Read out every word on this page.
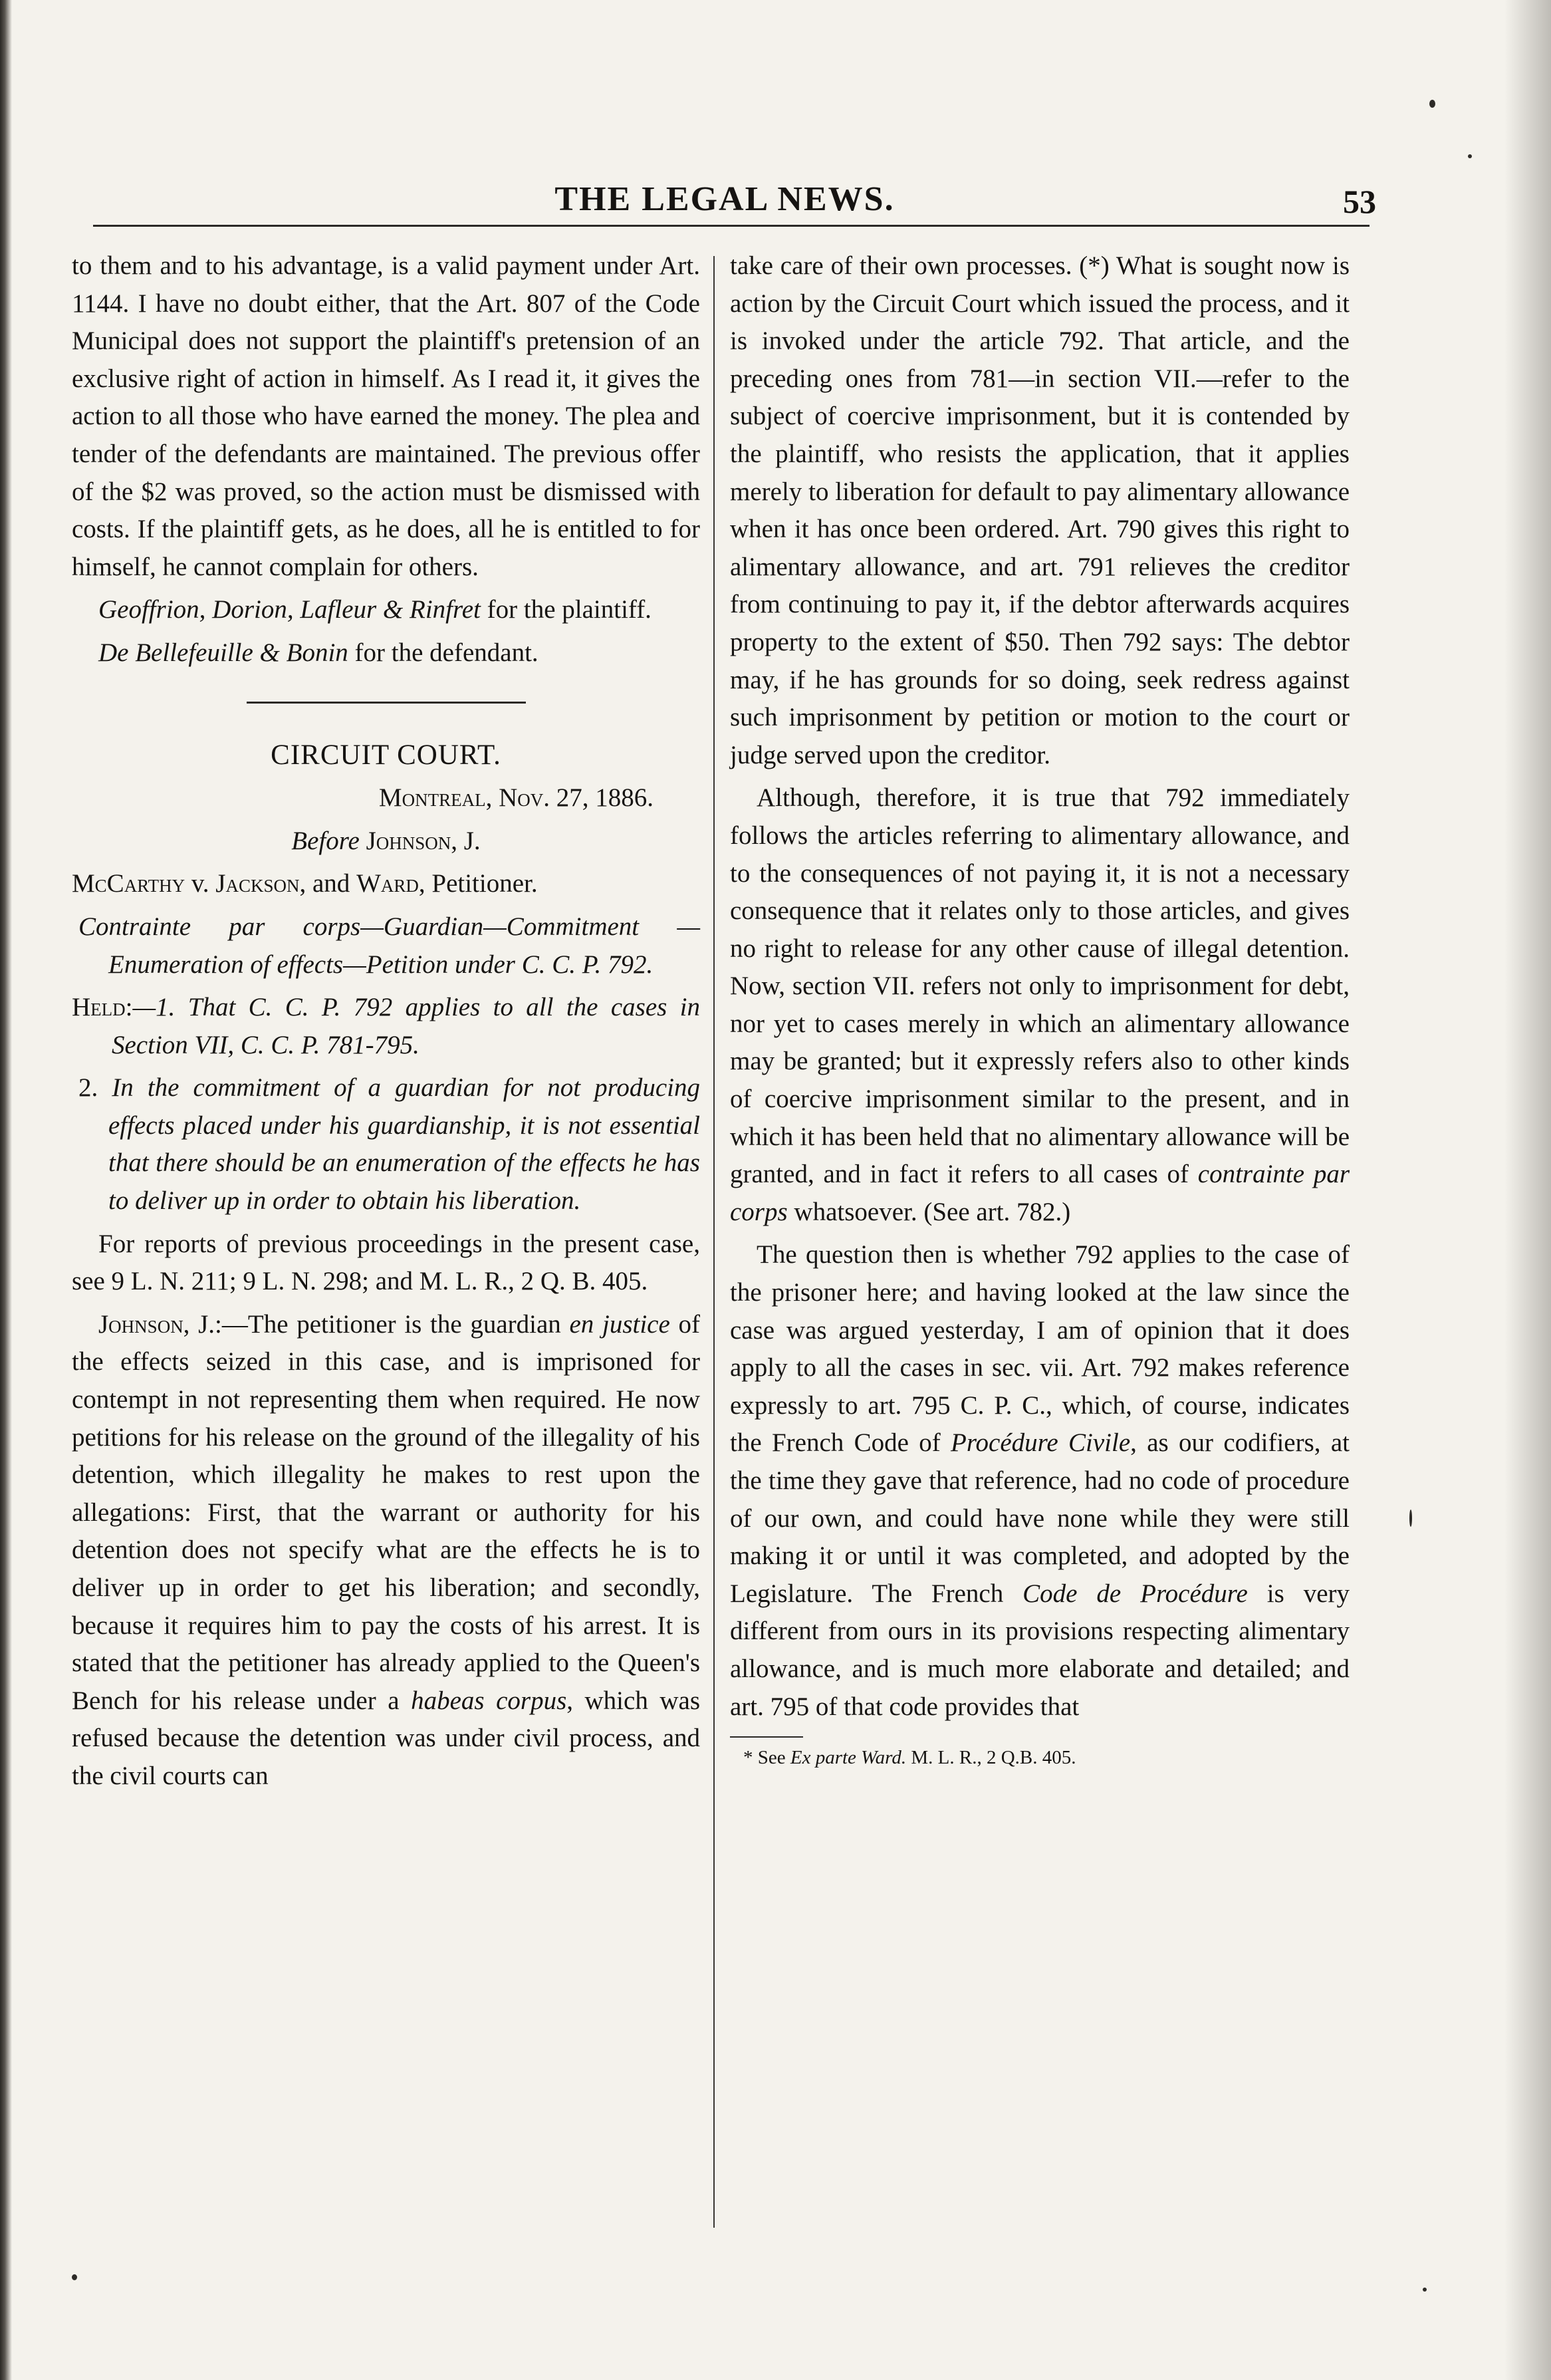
THE LEGAL NEWS.	53

to them and to his advantage, is a valid payment under Art. 1144. I have no doubt either, that the Art. 807 of the Code Municipal does not support the plaintiff's pretension of an exclusive right of action in himself. As I read it, it gives the action to all those who have earned the money. The plea and tender of the defendants are maintained. The previous offer of the $2 was proved, so the action must be dismissed with costs. If the plaintiff gets, as he does, all he is entitled to for himself, he cannot complain for others.

Geoffrion, Dorion, Lafleur & Rinfret for the plaintiff.

De Bellefeuille & Bonin for the defendant.

CIRCUIT COURT.

Montreal, Nov. 27, 1886.

Before Johnson, J.

McCarthy v. Jackson, and Ward, Petitioner.

Contrainte par corps—Guardian—Commitment —Enumeration of effects—Petition under C. C. P. 792.

Held:—1. That C. C. P. 792 applies to all the cases in Section VII, C. C. P. 781-795.

2. In the commitment of a guardian for not producing effects placed under his guardianship, it is not essential that there should be an enumeration of the effects he has to deliver up in order to obtain his liberation.

For reports of previous proceedings in the present case, see 9 L. N. 211; 9 L. N. 298; and M. L. R., 2 Q. B. 405.

Johnson, J.:—The petitioner is the guardian en justice of the effects seized in this case, and is imprisoned for contempt in not representing them when required. He now petitions for his release on the ground of the illegality of his detention, which illegality he makes to rest upon the allegations: First, that the warrant or authority for his detention does not specify what are the effects he is to deliver up in order to get his liberation; and secondly, because it requires him to pay the costs of his arrest. It is stated that the petitioner has already applied to the Queen's Bench for his release under a habeas corpus, which was refused because the detention was under civil process, and the civil courts can

take care of their own processes. (*) What is sought now is action by the Circuit Court which issued the process, and it is invoked under the article 792. That article, and the preceding ones from 781—in section VII.—refer to the subject of coercive imprisonment, but it is contended by the plaintiff, who resists the application, that it applies merely to liberation for default to pay alimentary allowance when it has once been ordered. Art. 790 gives this right to alimentary allowance, and art. 791 relieves the creditor from continuing to pay it, if the debtor afterwards acquires property to the extent of $50. Then 792 says: The debtor may, if he has grounds for so doing, seek redress against such imprisonment by petition or motion to the court or judge served upon the creditor.

Although, therefore, it is true that 792 immediately follows the articles referring to alimentary allowance, and to the consequences of not paying it, it is not a necessary consequence that it relates only to those articles, and gives no right to release for any other cause of illegal detention. Now, section VII. refers not only to imprisonment for debt, nor yet to cases merely in which an alimentary allowance may be granted; but it expressly refers also to other kinds of coercive imprisonment similar to the present, and in which it has been held that no alimentary allowance will be granted, and in fact it refers to all cases of contrainte par corps whatsoever. (See art. 782.)

The question then is whether 792 applies to the case of the prisoner here; and having looked at the law since the case was argued yesterday, I am of opinion that it does apply to all the cases in sec. vii. Art. 792 makes reference expressly to art. 795 C. P. C., which, of course, indicates the French Code of Procédure Civile, as our codifiers, at the time they gave that reference, had no code of procedure of our own, and could have none while they were still making it or until it was completed, and adopted by the Legislature. The French Code de Procédure is very different from ours in its provisions respecting alimentary allowance, and is much more elaborate and detailed; and art. 795 of that code provides that

* See Ex parte Ward. M. L. R., 2 Q.B. 405.
